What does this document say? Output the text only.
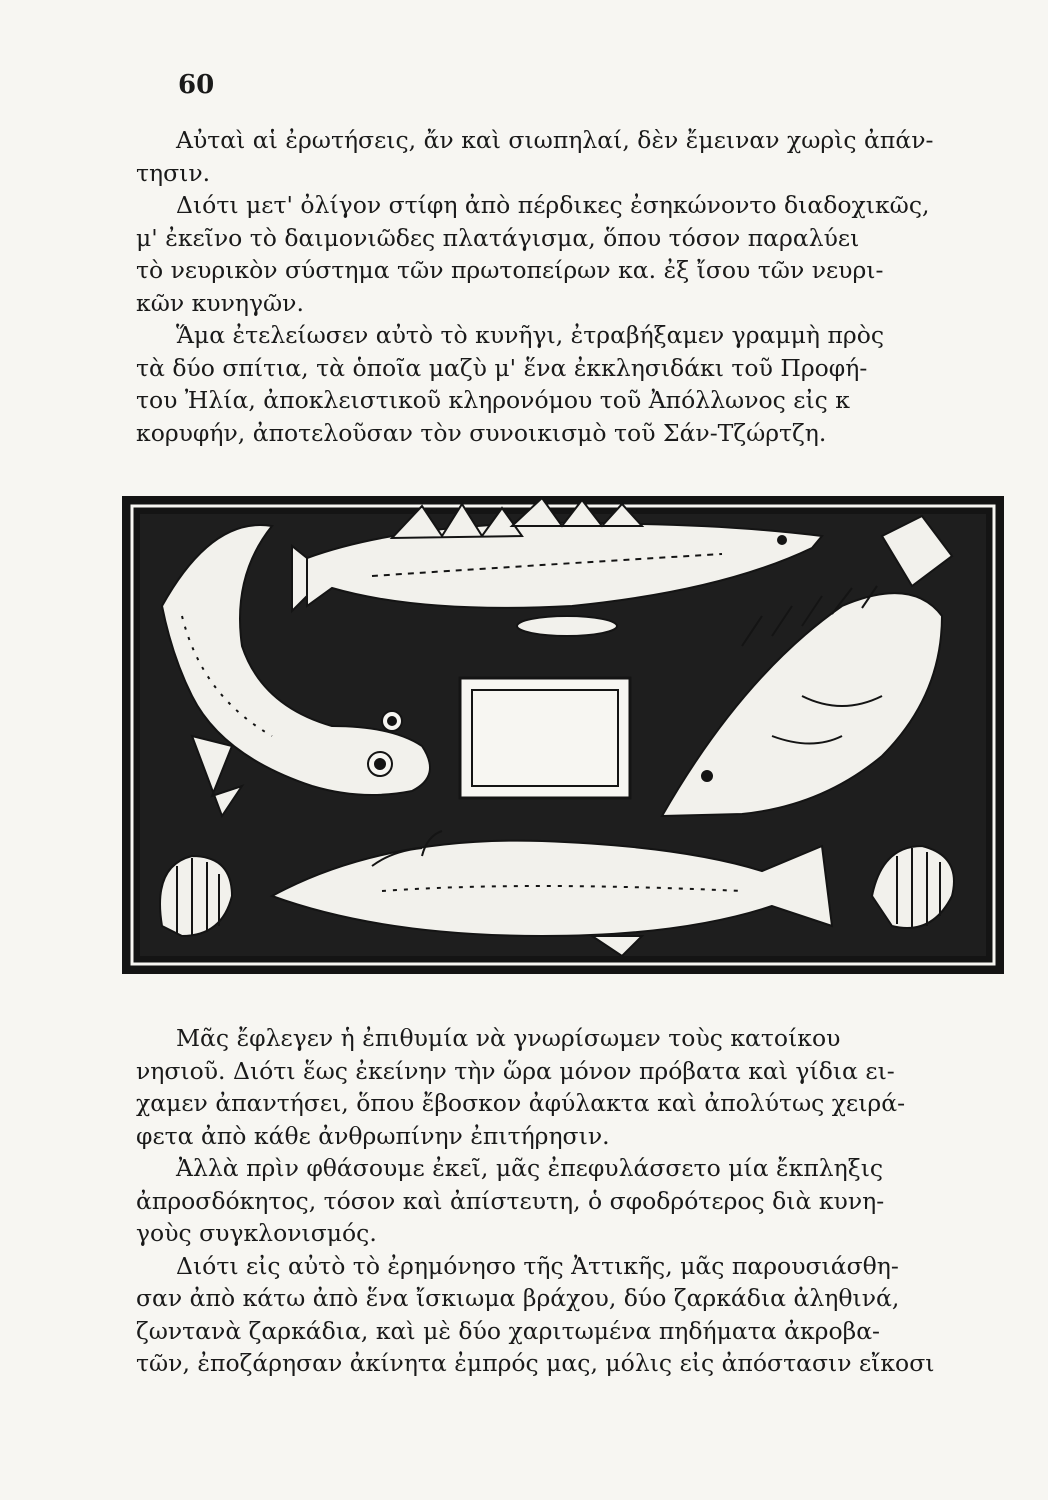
60
Αὐταὶ αἱ ἐρωτήσεις, ἄν καὶ σιωπηλαί, δὲν ἔμειναν χωρὶς ἀπάν-
τησιν.
Διότι μετ' ὀλίγον στίφη ἀπὸ πέρδικες ἐσηκώνοντο διαδοχικῶς,
μ' ἐκεῖνο τὸ δαιμονιῶδες πλατάγισμα, ὅπου τόσον παραλύει
τὸ νευρικὸν σύστημα τῶν πρωτοπείρων κα. ἐξ ἴσου τῶν νευρι-
κῶν κυνηγῶν.
Ἅμα ἐτελείωσεν αὐτὸ τὸ κυνῆγι, ἐτραβήξαμεν γραμμὴ πρὸς
τὰ δύο σπίτια, τὰ ὁποῖα μαζὺ μ' ἕνα ἐκκλησιδάκι τοῦ Προφή-
του Ἠλία, ἀποκλειστικοῦ κληρονόμου τοῦ Ἀπόλλωνος εἰς κ
κορυφήν, ἀποτελοῦσαν τὸν συνοικισμὸ τοῦ Σάν-Τζώρτζη.
Μᾶς ἔφλεγεν ἡ ἐπιθυμία νὰ γνωρίσωμεν τοὺς κατοίκου
νησιοῦ. Διότι ἕως ἐκείνην τὴν ὥρα μόνον πρόβατα καὶ γίδια ει-
χαμεν ἀπαντήσει, ὅπου ἔβοσκον ἀφύλακτα καὶ ἀπολύτως χειρά-
φετα ἀπὸ κάθε ἀνθρωπίνην ἐπιτήρησιν.
Ἀλλὰ πρὶν φθάσουμε ἐκεῖ, μᾶς ἐπεφυλάσσετο μία ἔκπληξις
ἀπροσδόκητος, τόσον καὶ ἀπίστευτη, ὁ σφοδρότερος διὰ κυνη-
γοὺς συγκλονισμός.
Διότι εἰς αὐτὸ τὸ ἐρημόνησο τῆς Ἀττικῆς, μᾶς παρουσιάσθη-
σαν ἀπὸ κάτω ἀπὸ ἕνα ἴσκιωμα βράχου, δύο ζαρκάδια ἀληθινά,
ζωντανὰ ζαρκάδια, καὶ μὲ δύο χαριτωμένα πηδήματα ἀκροβα-
τῶν, ἐποζάρησαν ἀκίνητα ἐμπρός μας, μόλις εἰς ἀπόστασιν εἴκοσι
